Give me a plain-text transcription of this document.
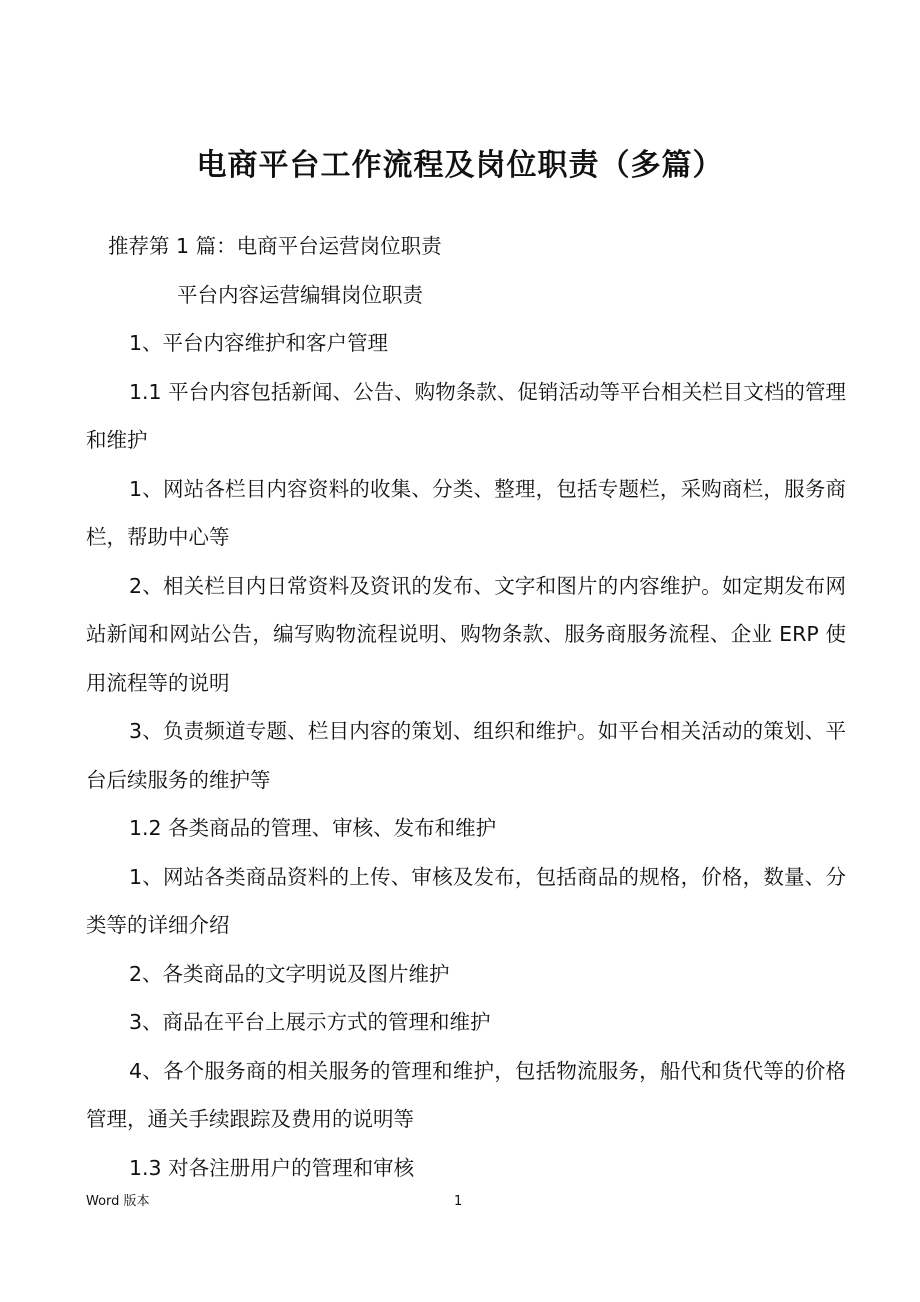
电商平台工作流程及岗位职责（多篇）

推荐第 1 篇：电商平台运营岗位职责

平台内容运营编辑岗位职责

1、平台内容维护和客户管理

1.1 平台内容包括新闻、公告、购物条款、促销活动等平台相关栏目文档的管理和维护

1、网站各栏目内容资料的收集、分类、整理，包括专题栏，采购商栏，服务商栏，帮助中心等

2、相关栏目内日常资料及资讯的发布、文字和图片的内容维护。如定期发布网站新闻和网站公告，编写购物流程说明、购物条款、服务商服务流程、企业 ERP 使用流程等的说明

3、负责频道专题、栏目内容的策划、组织和维护。如平台相关活动的策划、平台后续服务的维护等

1.2 各类商品的管理、审核、发布和维护

1、网站各类商品资料的上传、审核及发布，包括商品的规格，价格，数量、分类等的详细介绍

2、各类商品的文字明说及图片维护

3、商品在平台上展示方式的管理和维护

4、各个服务商的相关服务的管理和维护，包括物流服务，船代和货代等的价格管理，通关手续跟踪及费用的说明等

1.3 对各注册用户的管理和审核

Word 版本	1
